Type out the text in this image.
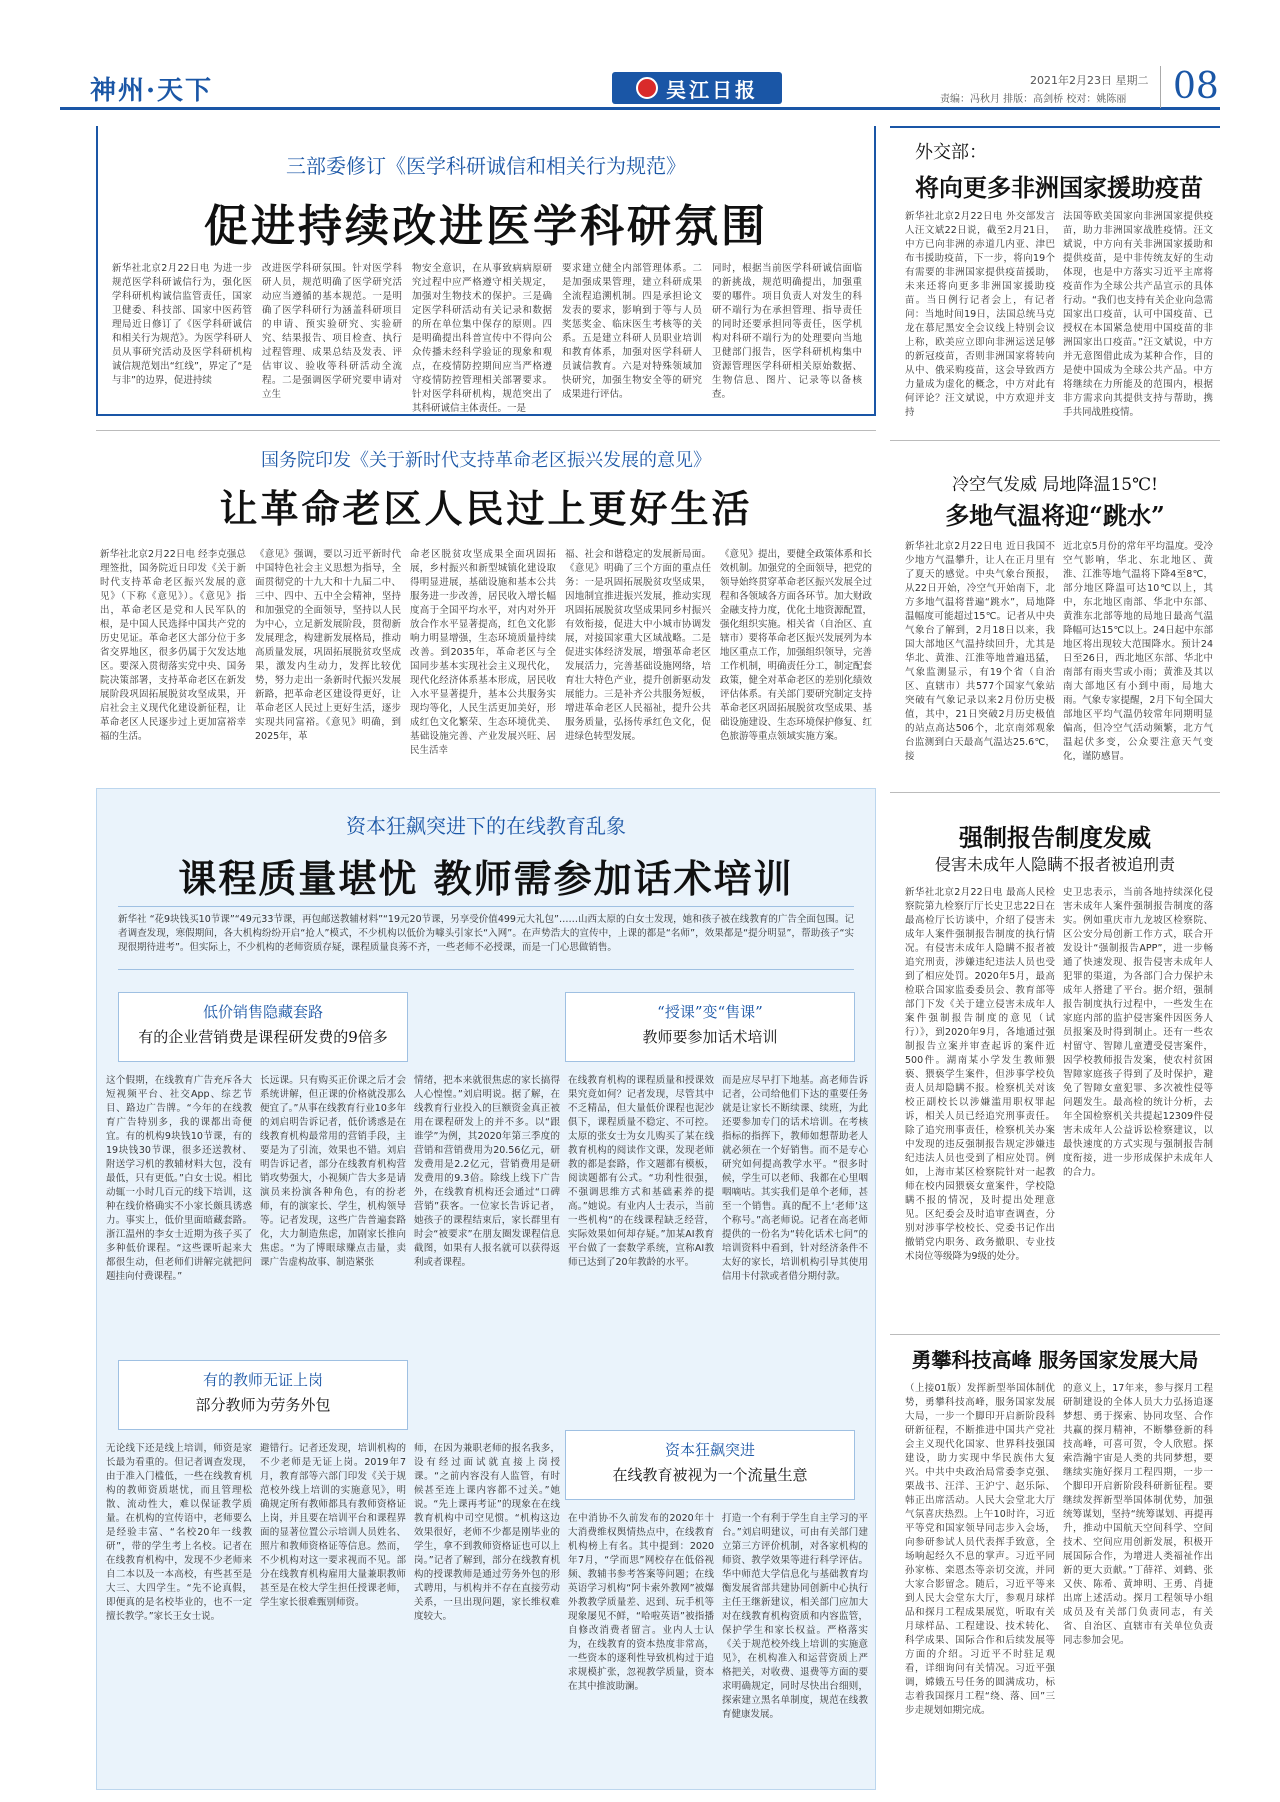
神州·天下	吴江日报	2021年2月23日 星期二
责编：冯秋月 排版：高剑桥 校对：姚陈丽	08
三部委修订《医学科研诚信和相关行为规范》
促进持续改进医学科研氛围
新华社北京2月22日电 为进一步规范医学科研诚信行为，强化医学科研机构诚信监管责任，国家卫健委、科技部、国家中医药管理局近日修订了《医学科研诚信和相关行为规范》。为医学科研人员从事研究活动及医学科研机构诚信规范划出“红线”，界定了“是与非”的边界，促进持续
改进医学科研氛围。针对医学科研人员，规范明确了医学研究活动应当遵循的基本规范。一是明确了医学科研行为涵盖科研项目的申请、预实验研究、实验研究、结果报告、项目检查、执行过程管理、成果总结及发表、评估审议、验收等科研活动全流程。二是强调医学研究要申请对立生
物安全意识，在从事致病病原研究过程中应严格遵守相关规定，加强对生物技术的保护。三是确定医学科研活动有关记录和数据的所在单位集中保存的原则。四是明确提出科普宣传中不得向公众传播未经科学验证的现象和观点，在疫情防控期间应当严格遵守疫情防控管理相关部署要求。针对医学科研机构，规范突出了其科研诚信主体责任。一是
要求建立健全内部管理体系。二是加强成果管理，建立科研成果全流程追溯机制。四是承担论文发表的要求，影响到于等与人员奖惩奖金、临床医生考核等的关系。五是建立科研人员职业培训和教育体系，加强对医学科研人员诚信教育。六是对特殊领域加快研究，加强生物安全等的研究成果进行评估。
同时，根据当前医学科研诚信面临的新挑战，规范明确提出，加强重要的哪件。项目负责人对发生的科研不端行为在承担管理、指导责任的同时还要承担同等责任，医学机构对科研不端行为的处理要向当地卫健部门报告，医学科研机构集中资源管理医学科研相关原始数据、生物信息、图片、记录等以备核查。
外交部：
将向更多非洲国家援助疫苗
新华社北京2月22日电 外交部发言人汪文斌22日说，截至2月21日，中方已向非洲的赤道几内亚、津巴布韦援助疫苗，下一步，将向19个有需要的非洲国家提供疫苗援助，未来还将向更多非洲国家援助疫苗。当日例行记者会上，有记者问：当地时间19日，法国总统马克龙在慕尼黑安全会议线上特别会议上称，欧美应立即向非洲运送足够的新冠疫苗，否则非洲国家将转向从中、俄采购疫苗，这会导致西方力量成为虚化的概念，中方对此有何评论？汪文斌说，中方欢迎并支持
法国等欧美国家向非洲国家提供疫苗，助力非洲国家战胜疫情。汪文斌说，中方向有关非洲国家援助和提供疫苗，是中非传统友好的生动体现，也是中方落实习近平主席将疫苗作为全球公共产品宣示的具体行动。“我们也支持有关企业向急需国家出口疫苗，认可中国疫苗、已授权在本国紧急使用中国疫苗的非洲国家出口疫苗。”汪文斌说，中方并无意图借此成为某种合作，目的是使中国成为全球公共产品。中方将继续在力所能及的范围内，根据非方需求向其提供支持与帮助，携手共同战胜疫情。
国务院印发《关于新时代支持革命老区振兴发展的意见》
让革命老区人民过上更好生活
新华社北京2月22日电 经李克强总理签批，国务院近日印发《关于新时代支持革命老区振兴发展的意见》（下称《意见》）。《意见》指出，革命老区是党和人民军队的根，是中国人民选择中国共产党的历史见证。革命老区大部分位于多省交界地区，很多仍属于欠发达地区。要深入贯彻落实党中央、国务院决策部署，支持革命老区在新发展阶段巩固拓展脱贫攻坚成果，开启社会主义现代化建设新征程，让革命老区人民逐步过上更加富裕幸福的生活。
《意见》强调，要以习近平新时代中国特色社会主义思想为指导，全面贯彻党的十九大和十九届二中、三中、四中、五中全会精神，坚持和加强党的全面领导，坚持以人民为中心，立足新发展阶段，贯彻新发展理念，构建新发展格局，推动高质量发展，巩固拓展脱贫攻坚成果，激发内生动力，发挥比较优势，努力走出一条新时代振兴发展新路，把革命老区建设得更好，让革命老区人民过上更好生活，逐步实现共同富裕。《意见》明确，到2025年，革
命老区脱贫攻坚成果全面巩固拓展，乡村振兴和新型城镇化建设取得明显进展，基础设施和基本公共服务进一步改善，居民收入增长幅度高于全国平均水平，对内对外开放合作水平显著提高，红色文化影响力明显增强，生态环境质量持续改善。到2035年，革命老区与全国同步基本实现社会主义现代化，现代化经济体系基本形成，居民收入水平显著提升，基本公共服务实现均等化，人民生活更加美好，形成红色文化繁荣、生态环境优美、基础设施完善、产业发展兴旺、居民生活幸
福、社会和谐稳定的发展新局面。《意见》明确了三个方面的重点任务：一是巩固拓展脱贫攻坚成果，因地制宜推进振兴发展，推动实现巩固拓展脱贫攻坚成果同乡村振兴有效衔接，促进大中小城市协调发展，对接国家重大区域战略。二是促进实体经济发展，增强革命老区发展活力，完善基础设施网络，培育壮大特色产业，提升创新驱动发展能力。三是补齐公共服务短板，增进革命老区人民福祉，提升公共服务质量，弘扬传承红色文化，促进绿色转型发展。
《意见》提出，要健全政策体系和长效机制。加强党的全面领导，把党的领导始终贯穿革命老区振兴发展全过程和各领域各方面各环节。加大财政金融支持力度，优化土地资源配置，强化组织实施。相关省（自治区、直辖市）要将革命老区振兴发展列为本地区重点工作，加强组织领导，完善工作机制，明确责任分工，制定配套政策，健全对革命老区的差别化绩效评估体系。有关部门要研究制定支持革命老区巩固拓展脱贫攻坚成果、基础设施建设、生态环境保护修复、红色旅游等重点领域实施方案。
冷空气发威 局地降温15℃!
多地气温将迎“跳水”
新华社北京2月22日电 近日我国不少地方气温攀升，让人在正月里有了夏天的感觉。中央气象台预报，从22日开始，冷空气开始南下，北方多地气温将普遍“跳水”，局地降温幅度可能超过15℃。记者从中央气象台了解到，2月18日以来，我国大部地区气温持续回升，尤其是华北、黄淮、江淮等地普遍迅猛，气象监测显示，有19个省（自治区、直辖市）共577个国家气象站突破有气象记录以来2月份历史极值，其中，21日突破2月历史极值的站点高达506个，北京南郊观象台监测到白天最高气温达25.6℃，接
近北京5月份的常年平均温度。受冷空气影响，华北、东北地区、黄淮、江淮等地气温将下降4至8℃，部分地区降温可达10℃以上，其中，东北地区南部、华北中东部、黄淮东北部等地的局地日最高气温降幅可达15℃以上。24日起中东部地区将出现较大范围降水。预计24日至26日，西北地区东部、华北中南部有雨夹雪或小雨；黄淮及其以南大部地区有小到中雨，局地大雨。气象专家提醒，2月下旬全国大部地区平均气温仍较常年同期明显偏高，但冷空气活动频繁，北方气温起伏多变，公众要注意天气变化，谨防感冒。
资本狂飙突进下的在线教育乱象
课程质量堪忧 教师需参加话术培训
新华社 “花9块钱买10节课”“49元33节课，再包邮送教辅材料”“19元20节课，另享受价值499元大礼包”……山西太原的白女士发现，她和孩子被在线教育的广告全面包围。记者调查发现，寒假期间，各大机构纷纷开启“抢人”模式，不少机构以低价为噱头引家长“入网”。在声势浩大的宣传中，上课的都是“名师”，效果都是“提分明显”，帮助孩子“实现很期待进考”。但实际上，不少机构的老师资质存疑，课程质量良莠不齐，一些老师不必授课，而是一门心思做销售。
低价销售隐藏套路
有的企业营销费是课程研发费的9倍多
“授课”变“售课”
教师要参加话术培训
这个假期，在线教育广告充斥各大短视频平台、社交App、综艺节目、路边广告牌。“今年的在线教育广告特别多，我的课都出奇便宜。有的机构9块钱10节课，有的19块钱30节课，很多还送教材、附送学习机的教辅材料大包，没有最低，只有更低。”白女士说。相比动辄一小时几百元的线下培训，这种在线价格确实不小家长颇具诱惑力。事实上，低价里面暗藏套路。浙江温州的李女士近期为孩子买了多种低价课程。“这些课听起来大都很生动，但老师们讲解完就把问题挂向付费课程。”
长远课。只有购买正价课之后才会系统讲解，但正课的价格就没那么便宜了。”从事在线教育行业10多年的刘启明告诉记者，低价诱惑是在线教育机构最常用的营销手段，主要是为了引流，效果也不错。刘启明告诉记者，部分在线教育机构营销攻势强大，小视频广告大多是请演员来扮演各种角色，有的扮老师，有的演家长、学生，机构领导等。记者发现，这些广告普遍套路化，大力制造焦虑，加剧家长推向焦虑。“为了博眼球赚点击量，卖课广告虚构故事、制造紧张
情绪，把本来就很焦虑的家长搞得人心惶惶。”刘启明说。据了解，在线教育行业投入的巨额资金真正被用在课程研发上的并不多。以“跟谁学”为例，其2020年第三季度的营销和营销费用为20.56亿元，研发费用是2.2亿元，营销费用是研发费用的9.3倍。除线上线下广告外，在线教育机构还会通过“口碑营销”获客。一位家长告诉记者，她孩子的课程结束后，家长群里有时会“被要求”在朋友圈发课程信息截图，如果有人报名就可以获得返利或者课程。
在线教育机构的课程质量和授课效果究竟如何？记者发现，尽管其中不乏精品，但大量低价课程也泥沙俱下，课程质量不稳定、不可控。太原的张女士为女儿购买了某在线教育机构的阅读作文课，发现老师教的都是套路，作文题都有模板，阅读题都有公式。“功利性很强，不强调思维方式和基础素养的提高。”她说。有业内人士表示，当前一些机构“的在线课程缺乏经营，实际效果如何却存疑。”加某AI教育平台做了一套数学系统，宣称AI教师已达到了20年教龄的水平。
而是应尽早打下地基。高老师告诉记者，公司给他们下达的重要任务就是让家长不断续课、续班，为此还要参加专门的话术培训。在考核指标的指挥下，教师如想帮助老人就必须在一个好销售。而不是专心研究如何提高教学水平。“很多时候，学生可以老师、我都在心里咽咽嘀咕。其实我们是单个老师，甚至一个销售。真的配不上‘老师’这个称号。”高老师说。记者在高老师提供的一份名为“转化话术七问”的培训资料中看到，针对经济条件不太好的家长，培训机构引导其使用信用卡付款或者借分期付款。
有的教师无证上岗
部分教师为劳务外包
资本狂飙突进
在线教育被视为一个流量生意
无论线下还是线上培训，师资是家长最为看重的。但记者调查发现，由于准入门槛低，一些在线教育机构的教师资质堪忧，而且管理松散、流动性大，难以保证教学质量。在机构的宣传语中，老师要么是经验丰富、“名校20年一线教研”，带的学生考上名校。记者在在线教育机构中，发现不少老师来自二本以及一本高校，有些甚至是大三、大四学生。“先不论真假，即便真的是名校毕业的，也不一定擅长教学。”家长王女士说。
避错行。记者还发现，培训机构的不少老师是无证上岗。2019年7月，教育部等六部门印发《关于规范校外线上培训的实施意见》，明确规定所有教师都具有教师资格证上岗，并且要在培训平台和课程界面的显著位置公示培训人员姓名、照片和教师资格证等信息。然而，不少机构对这一要求视而不见。部分在线教育机构雇用大量兼职教师甚至是在校大学生担任授课老师，学生家长很难甄别师资。
师，在因为兼职老师的报名我多，设有经过面试就直接上岗授课。“之前内容没有人监管，有时候甚至连上课内容都不过关。”她说。“先上课再考证”的现象在在线教育机构中司空见惯。“机构这边效果很好，老师不少都是刚毕业的学生，拿不到教师资格证也可以上岗。”记者了解到，部分在线教育机构的授课教师是通过劳务外包的形式聘用，与机构并不存在直接劳动关系，一旦出现问题，家长维权难度较大。
在中消协不久前发布的2020年十大消费维权舆情热点中，在线教育机构榜上有名。其中提到：2020年7月，“学而思”网校存在低俗视频、教辅书参考答案等问题；在线英语学习机构“阿卡索外教网”被爆外教教学质量差、迟到、玩手机等现象屡见不鲜，“哈啦英语”被指播自修改消费者留言。业内人士认为，在线教育的资本热度非常高，一些资本的逐利性导致机构过于追求规模扩张，忽视教学质量，资本在其中推波助澜。
打造一个有利于学生自主学习的平台。”刘启明建议，可由有关部门建立第三方评价机制，对各家机构的师资、教学效果等进行科学评估。华中师范大学信息化与基础教育均衡发展省部共建协同创新中心执行主任王继新建议，相关部门应加大对在线教育机构资质和内容监管，保护学生和家长权益。严格落实《关于规范校外线上培训的实施意见》，在机构准入和运营资质上严格把关，对收费、退费等方面的要求明确规定，同时尽快出台细则，探索建立黑名单制度，规范在线教育健康发展。
强制报告制度发威
侵害未成年人隐瞒不报者被追刑责
新华社北京2月22日电 最高人民检察院第九检察厅厅长史卫忠22日在最高检厅长访谈中，介绍了侵害未成年人案件强制报告制度的执行情况。有侵害未成年人隐瞒不报者被追究刑责，涉嫌违纪违法人员也受到了相应处罚。2020年5月，最高检联合国家监委委员会、教育部等部门下发《关于建立侵害未成年人案件强制报告制度的意见（试行）》，到2020年9月，各地通过强制报告立案并审查起诉的案件近500件。湖南某小学发生教师猥亵、猥亵学生案件，但涉事学校负责人员却隐瞒不报。检察机关对该校正副校长以涉嫌滥用职权罪起诉，相关人员已经追究刑事责任。除了追究刑事责任，检察机关办案中发现的违反强制报告规定涉嫌违纪违法人员也受到了相应处罚。例如，上海市某区检察院针对一起教师在校内园猥亵女童案件，学校隐瞒不报的情况，及时提出处理意见。区纪委会及时追审查调查，分别对涉事学校校长、党委书记作出撤销党内职务、政务撤职、专业技术岗位等级降为9级的处分。
史卫忠表示，当前各地持续深化侵害未成年人案件强制报告制度的落实。例如重庆市九龙坡区检察院、区公安分局创新工作方式，联合开发设计“强制报告APP”，进一步畅通了快速发现、报告侵害未成年人犯罪的渠道，为各部门合力保护未成年人搭建了平台。据介绍，强制报告制度执行过程中，一些发生在家庭内部的监护侵害案件因医务人员报案及时得到制止。还有一些农村留守、智障儿童遭受侵害案件，因学校教师报告发案，使农村贫困智障家庭孩子得到了及时保护，避免了智障女童犯罪、多次被性侵等问题发生。最高检的统计分析，去年全国检察机关共提起12309件侵害未成年人公益诉讼检察建议，以最快速度的方式实现与强制报告制度衔接，进一步形成保护未成年人的合力。
勇攀科技高峰 服务国家发展大局
（上接01版）发挥新型举国体制优势，勇攀科技高峰，服务国家发展大局，一步一个脚印开启新阶段科研新征程，不断推进中国共产党社会主义现代化国家、世界科技强国建设，助力实现中华民族伟大复兴。中共中央政治局常委李克强、栗战书、汪洋、王沪宁、赵乐际、韩正出席活动。人民大会堂北大厅气氛喜庆热烈。上午10时许，习近平等党和国家领导同志步入会场，向参研参试人员代表挥手致意，全场响起经久不息的掌声。习近平同孙家栋、栾恩杰等亲切交流，并同大家合影留念。随后，习近平等来到人民大会堂东大厅，参观月球样品和探月工程成果展览，听取有关月球样品、工程建设、技术转化、科学成果、国际合作和后续发展等方面的介绍。习近平不时驻足观看，详细询问有关情况。习近平强调，嫦娥五号任务的圆满成功，标志着我国探月工程“绕、落、回”三步走规划如期完成。
的意义上，17年来，参与探月工程研制建设的全体人员大力弘扬追逐梦想、勇于探索、协同攻坚、合作共赢的探月精神，不断攀登新的科技高峰，可喜可贺，令人欣慰。探索浩瀚宇宙是人类的共同梦想，要继续实施好探月工程四期，一步一个脚印开启新阶段科研新征程。要继续发挥新型举国体制优势，加强统筹谋划，坚持“统筹谋划、再提再升，推动中国航天空间科学、空间技术、空间应用创新发展，积极开展国际合作，为增进人类福祉作出新的更大贡献。”丁薛祥、刘鹤、张又侠、陈希、黄坤明、王勇、肖捷出席上述活动。探月工程领导小组成员及有关部门负责同志，有关省、自治区、直辖市有关单位负责同志参加会见。
